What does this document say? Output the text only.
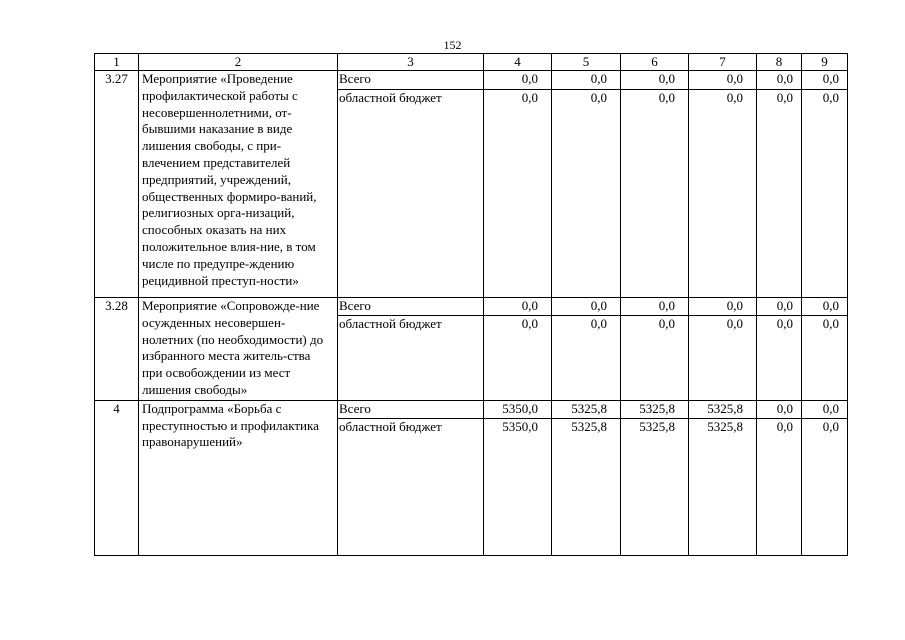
152
1	2	3	4	5	6	7	8	9
3.27	Мероприятие «Проведение профилактической работы с несовершеннолетними, от-бывшими наказание в виде лишения свободы, с при-влечением представителей предприятий, учреждений, общественных формиро-ваний, религиозных орга-низаций, способных оказать на них положительное влия-ние, в том числе по предупре-ждению рецидивной преступ-ности»	Всего	0,0	0,0	0,0	0,0	0,0	0,0
		областной бюджет	0,0	0,0	0,0	0,0	0,0	0,0
3.28	Мероприятие «Сопровожде-ние осужденных несовершен-нолетних (по необходимости) до избранного места житель-ства при освобождении из мест лишения свободы»	Всего	0,0	0,0	0,0	0,0	0,0	0,0
		областной бюджет	0,0	0,0	0,0	0,0	0,0	0,0
4	Подпрограмма «Борьба с преступностью и профилактика правонарушений»	Всего	5350,0	5325,8	5325,8	5325,8	0,0	0,0
		областной бюджет	5350,0	5325,8	5325,8	5325,8	0,0	0,0
